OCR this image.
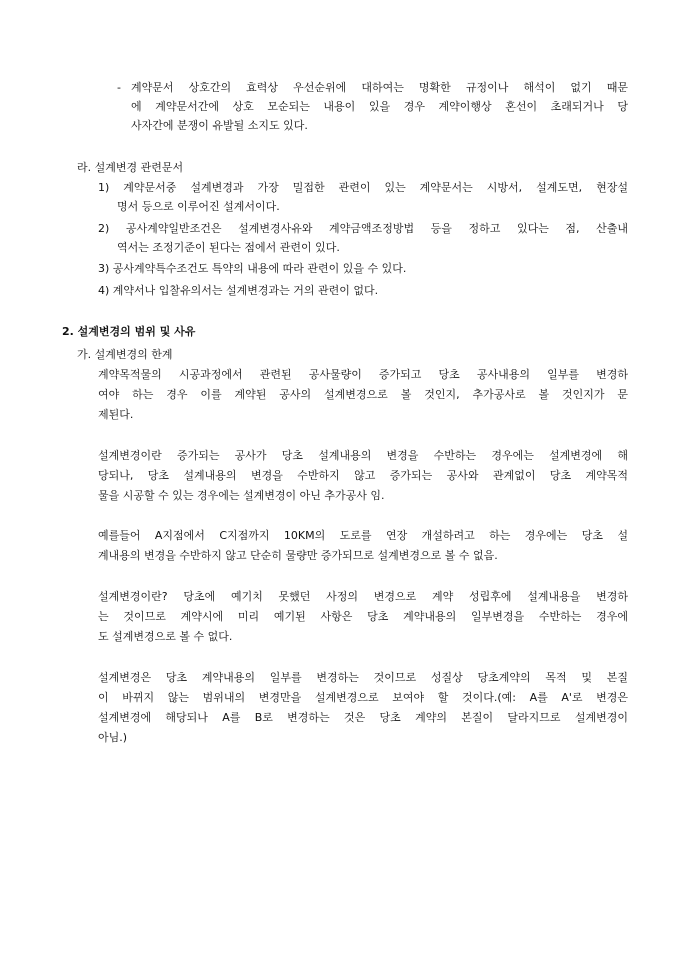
- 계약문서 상호간의 효력상 우선순위에 대하여는 명확한 규정이나 해석이 없기 때문
에 계약문서간에 상호 모순되는 내용이 있을 경우 계약이행상 혼선이 초래되거나 당
사자간에 분쟁이 유발될 소지도 있다.
라. 설계변경 관련문서
1) 계약문서중 설계변경과 가장 밀접한 관련이 있는 계약문서는 시방서, 설계도면, 현장설
명서 등으로 이루어진 설계서이다.
2) 공사계약일반조건은 설계변경사유와 계약금액조정방법 등을 정하고 있다는 점, 산출내
역서는 조정기준이 된다는 점에서 관련이 있다.
3) 공사계약특수조건도 특약의 내용에 따라 관련이 있을 수 있다.
4) 계약서나 입찰유의서는 설계변경과는 거의 관련이 없다.
2. 설계변경의 범위 및 사유
가. 설계변경의 한계
계약목적물의 시공과정에서 관련된 공사물량이 증가되고 당초 공사내용의 일부를 변경하
여야 하는 경우 이를 계약된 공사의 설계변경으로 볼 것인지, 추가공사로 볼 것인지가 문
제된다.
설계변경이란 증가되는 공사가 당초 설계내용의 변경을 수반하는 경우에는 설계변경에 해
당되나, 당초 설계내용의 변경을 수반하지 않고 증가되는 공사와 관계없이 당초 계약목적
물을 시공할 수 있는 경우에는 설계변경이 아닌 추가공사 임.
예를들어 A지점에서 C지점까지 10KM의 도로를 연장 개설하려고 하는 경우에는 당초 설
계내용의 변경을 수반하지 않고 단순히 물량만 증가되므로 설계변경으로 볼 수 없음.
설계변경이란? 당초에 예기치 못했던 사정의 변경으로 계약 성립후에 설계내용을 변경하
는 것이므로 계약시에 미리 예기된 사항은 당초 계약내용의 일부변경을 수반하는 경우에
도 설계변경으로 볼 수 없다.
설계변경은 당초 계약내용의 일부를 변경하는 것이므로 성질상 당초계약의 목적 및 본질
이 바뀌지 않는 범위내의 변경만을 설계변경으로 보여야 할 것이다.(예: A를 A'로 변경은
설계변경에 해당되나 A를 B로 변경하는 것은 당초 계약의 본질이 달라지므로 설계변경이
아님.)
